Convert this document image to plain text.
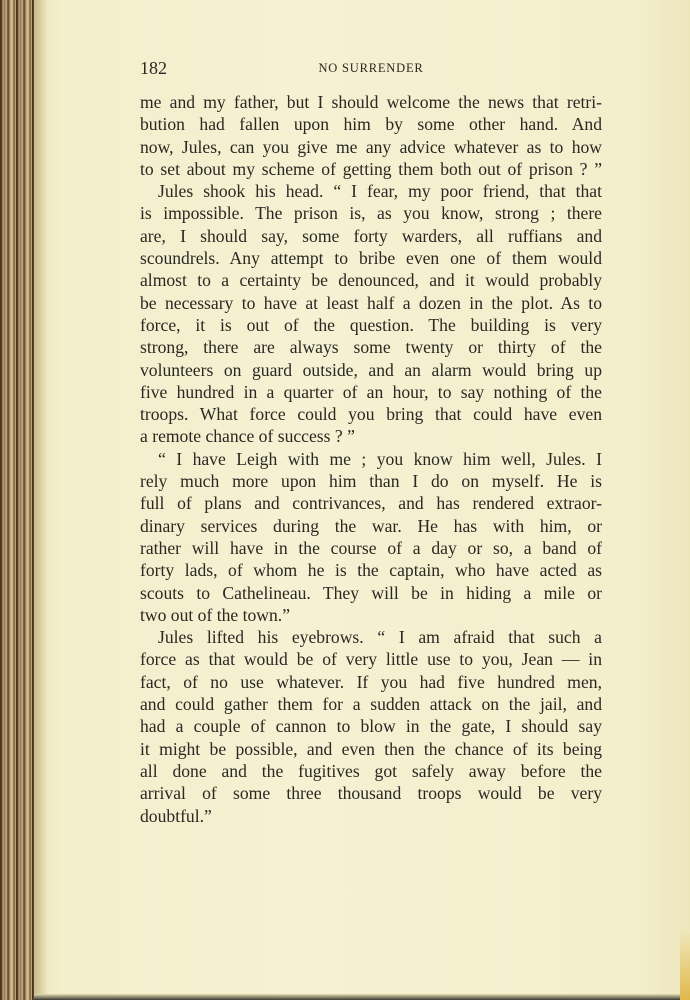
182	NO SURRENDER
me and my father, but I should welcome the news that retri-
bution had fallen upon him by some other hand. And
now, Jules, can you give me any advice whatever as to how
to set about my scheme of getting them both out of prison ? ”
Jules shook his head. “ I fear, my poor friend, that that
is impossible. The prison is, as you know, strong ; there
are, I should say, some forty warders, all ruffians and
scoundrels. Any attempt to bribe even one of them would
almost to a certainty be denounced, and it would probably
be necessary to have at least half a dozen in the plot. As to
force, it is out of the question. The building is very
strong, there are always some twenty or thirty of the
volunteers on guard outside, and an alarm would bring up
five hundred in a quarter of an hour, to say nothing of the
troops. What force could you bring that could have even
a remote chance of success ? ”
“ I have Leigh with me ; you know him well, Jules. I
rely much more upon him than I do on myself. He is
full of plans and contrivances, and has rendered extraor-
dinary services during the war. He has with him, or
rather will have in the course of a day or so, a band of
forty lads, of whom he is the captain, who have acted as
scouts to Cathelineau. They will be in hiding a mile or
two out of the town.”
Jules lifted his eyebrows. “ I am afraid that such a
force as that would be of very little use to you, Jean — in
fact, of no use whatever. If you had five hundred men,
and could gather them for a sudden attack on the jail, and
had a couple of cannon to blow in the gate, I should say
it might be possible, and even then the chance of its being
all done and the fugitives got safely away before the
arrival of some three thousand troops would be very
doubtful.”
